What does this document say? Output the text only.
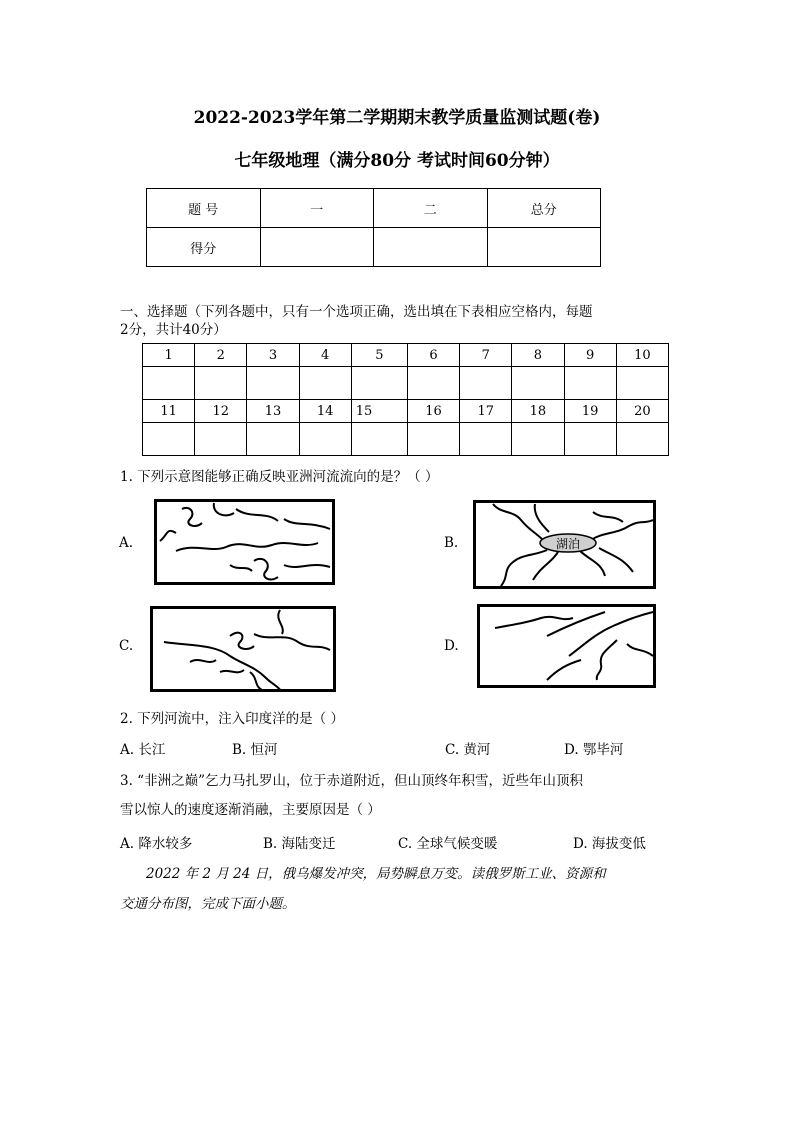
2022-2023学年第二学期期末教学质量监测试题(卷)
七年级地理（满分80分 考试时间60分钟）
题 号	一	二	总分
得分			
一、选择题（下列各题中，只有一个选项正确，选出填在下表相应空格内，每题
2分，共计40分）
1	2	3	4	5	6	7	8	9	10

11	12	13	14	15	16	17	18	19	20

1. 下列示意图能够正确反映亚洲河流流向的是？（ ）
A.	B.	湖泊
C.	D.
2. 下列河流中，注入印度洋的是（ ）
A. 长江	B. 恒河	C. 黄河	D. 鄂毕河
3. “非洲之巅”乞力马扎罗山，位于赤道附近，但山顶终年积雪，近些年山顶积
雪以惊人的速度逐渐消融，主要原因是（ ）
A. 降水较多	B. 海陆变迁	C. 全球气候变暖	D. 海拔变低
2022 年 2 月 24 日，俄乌爆发冲突，局势瞬息万变。读俄罗斯工业、资源和
交通分布图，完成下面小题。
